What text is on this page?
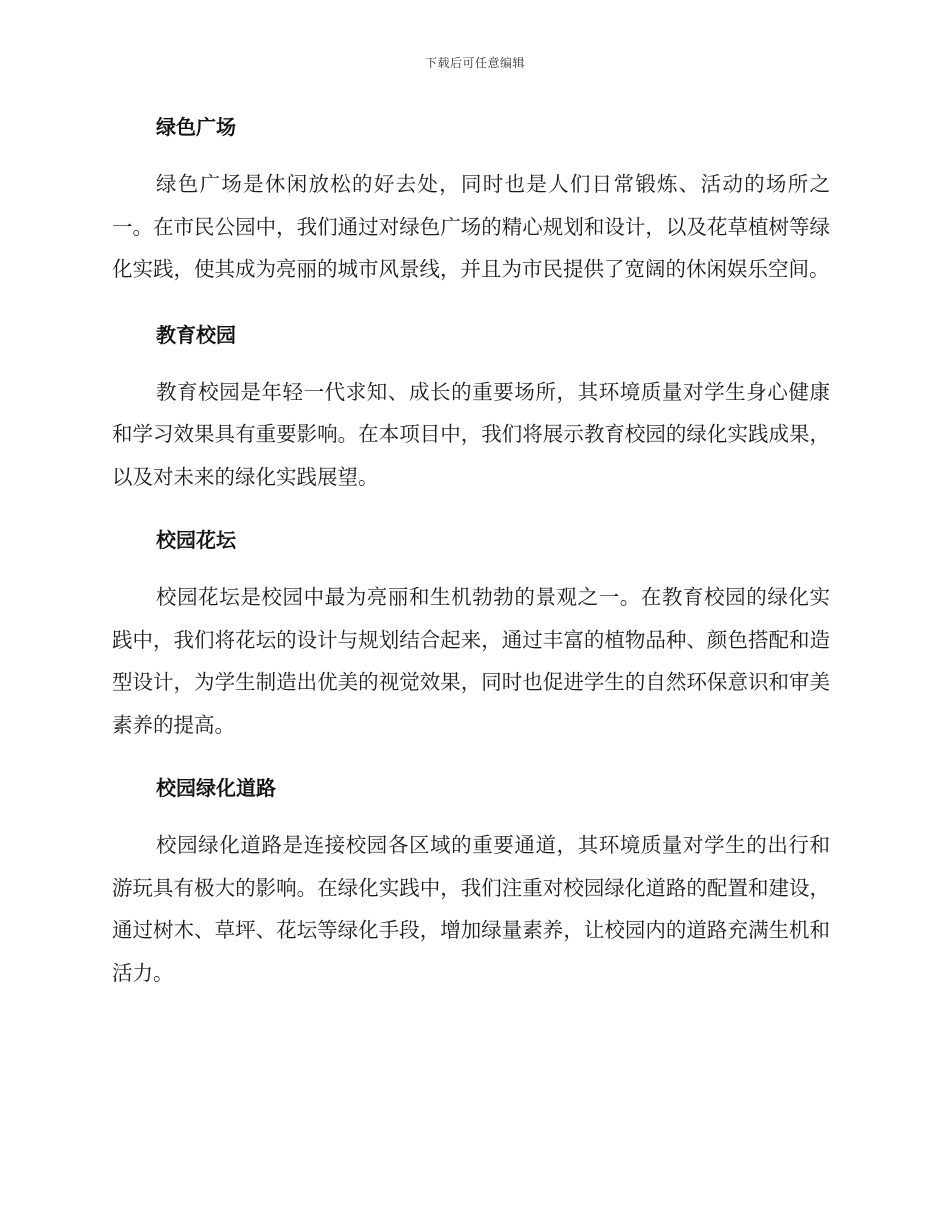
下载后可任意编辑
绿色广场

绿色广场是休闲放松的好去处，同时也是人们日常锻炼、活动的场所之一。在市民公园中，我们通过对绿色广场的精心规划和设计，以及花草植树等绿化实践，使其成为亮丽的城市风景线，并且为市民提供了宽阔的休闲娱乐空间。

教育校园

教育校园是年轻一代求知、成长的重要场所，其环境质量对学生身心健康和学习效果具有重要影响。在本项目中，我们将展示教育校园的绿化实践成果，以及对未来的绿化实践展望。

校园花坛

校园花坛是校园中最为亮丽和生机勃勃的景观之一。在教育校园的绿化实践中，我们将花坛的设计与规划结合起来，通过丰富的植物品种、颜色搭配和造型设计，为学生制造出优美的视觉效果，同时也促进学生的自然环保意识和审美素养的提高。

校园绿化道路

校园绿化道路是连接校园各区域的重要通道，其环境质量对学生的出行和游玩具有极大的影响。在绿化实践中，我们注重对校园绿化道路的配置和建设，通过树木、草坪、花坛等绿化手段，增加绿量素养，让校园内的道路充满生机和活力。
